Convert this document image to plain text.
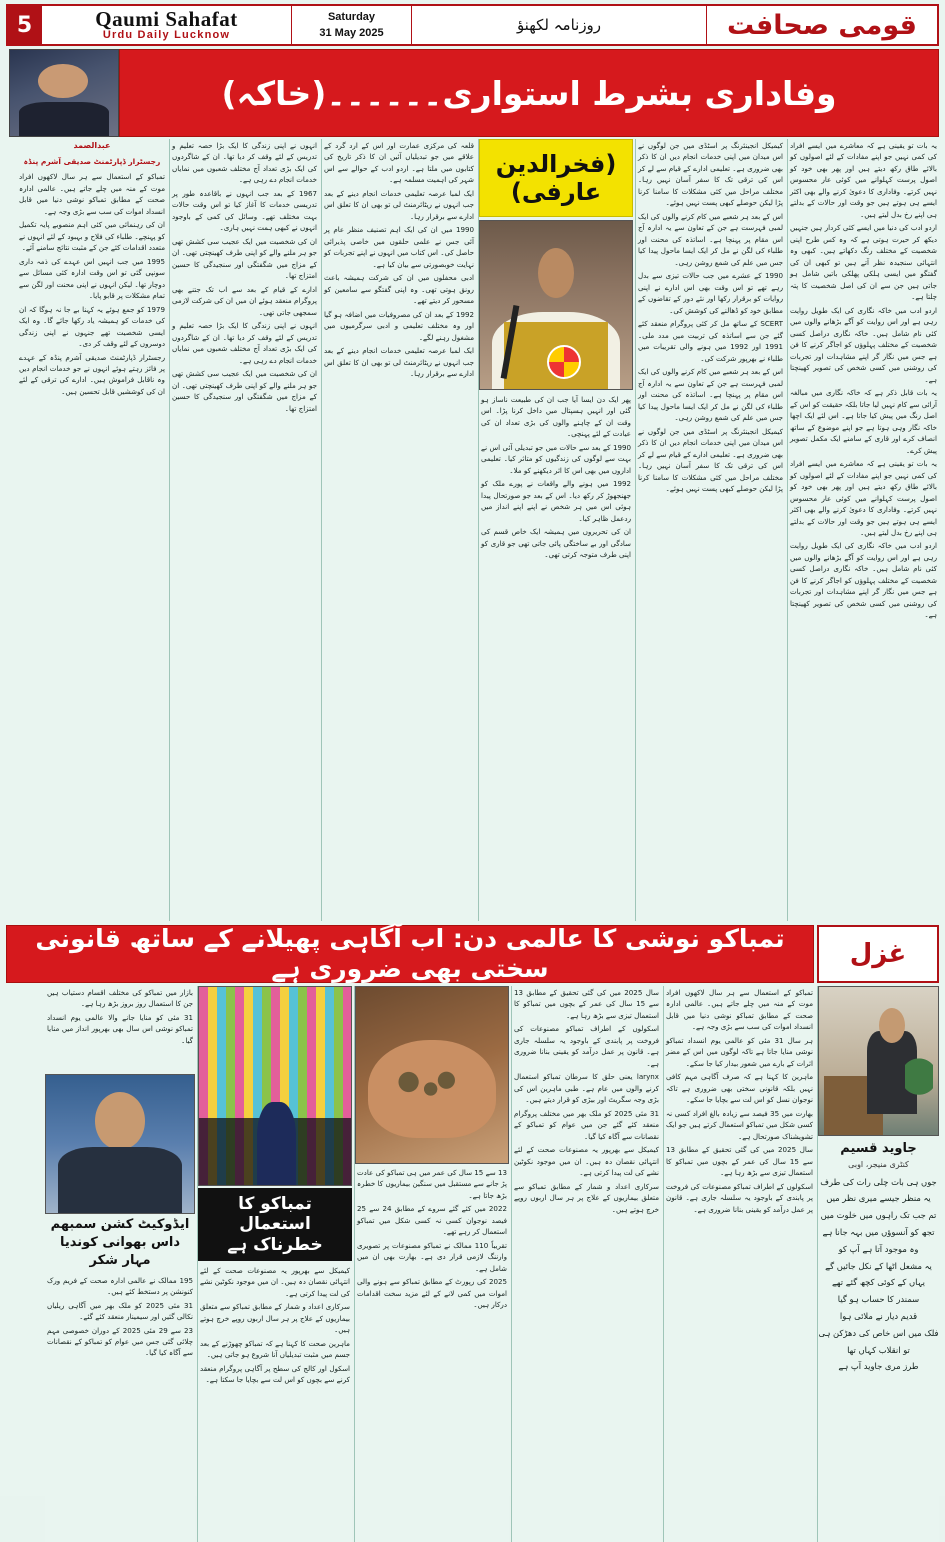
5	Qaumi Sahafat
Urdu Daily Lucknow
Saturday
31 May 2025	روزنامہ لکھنؤ	قومی صحافت
وفاداری بشرط استواری۔۔۔۔۔۔(خاکہ)

یہ بات تو یقینی ہے کہ معاشرے میں ایسے افراد کی کمی نہیں جو اپنے مفادات کے لئے اصولوں کو بالائے طاق رکھ دیتے ہیں اور پھر بھی خود کو اصول پرست کہلوانے میں کوئی عار محسوس نہیں کرتے۔ وفاداری کا دعویٰ کرنے والے بھی اکثر ایسے ہی ہوتے ہیں جو وقت اور حالات کے بدلتے ہی اپنے رخ بدل لیتے ہیں۔

اردو ادب کی دنیا میں ایسے کئی کردار ہیں جنہیں دیکھ کر حیرت ہوتی ہے کہ وہ کس طرح اپنی شخصیت کے مختلف رنگ دکھاتے ہیں۔ کبھی وہ انتہائی سنجیدہ نظر آتے ہیں تو کبھی ان کی گفتگو میں ایسی ہلکی پھلکی باتیں شامل ہو جاتی ہیں جن سے ان کی اصل شخصیت کا پتہ چلتا ہے۔

اردو ادب میں خاکہ نگاری کی ایک طویل روایت رہی ہے اور اس روایت کو آگے بڑھانے والوں میں کئی نام شامل ہیں۔ خاکہ نگاری دراصل کسی شخصیت کے مختلف پہلوؤں کو اجاگر کرنے کا فن ہے جس میں نگار گر اپنے مشاہدات اور تجربات کی روشنی میں کسی شخص کی تصویر کھینچتا ہے۔

یہ بات قابل ذکر ہے کہ خاکہ نگاری میں مبالغہ آرائی سے کام نہیں لیا جاتا بلکہ حقیقت کو اس کے اصل رنگ میں پیش کیا جاتا ہے۔ اس لئے ایک اچھا خاکہ نگار وہی ہوتا ہے جو اپنے موضوع کے ساتھ انصاف کرے اور قاری کے سامنے ایک مکمل تصویر پیش کرے۔

یہ بات تو یقینی ہے کہ معاشرے میں ایسے افراد کی کمی نہیں جو اپنے مفادات کے لئے اصولوں کو بالائے طاق رکھ دیتے ہیں اور پھر بھی خود کو اصول پرست کہلوانے میں کوئی عار محسوس نہیں کرتے۔ وفاداری کا دعویٰ کرنے والے بھی اکثر ایسے ہی ہوتے ہیں جو وقت اور حالات کے بدلتے ہی اپنے رخ بدل لیتے ہیں۔

اردو ادب میں خاکہ نگاری کی ایک طویل روایت رہی ہے اور اس روایت کو آگے بڑھانے والوں میں کئی نام شامل ہیں۔ خاکہ نگاری دراصل کسی شخصیت کے مختلف پہلوؤں کو اجاگر کرنے کا فن ہے جس میں نگار گر اپنے مشاہدات اور تجربات کی روشنی میں کسی شخص کی تصویر کھینچتا ہے۔

کیمیکل انجینئرنگ پر اسٹڈی میں جن لوگوں نے اس میدان میں اپنی خدمات انجام دیں ان کا ذکر بھی ضروری ہے۔ تعلیمی ادارے کے قیام سے لے کر اس کی ترقی تک کا سفر آسان نہیں رہا۔ مختلف مراحل میں کئی مشکلات کا سامنا کرنا پڑا لیکن حوصلے کبھی پست نہیں ہوئے۔

اس کے بعد ہر شعبے میں کام کرنے والوں کی ایک لمبی فہرست ہے جن کے تعاون سے یہ ادارہ آج اس مقام پر پہنچا ہے۔ اساتذہ کی محنت اور طلباء کی لگن نے مل کر ایک ایسا ماحول پیدا کیا جس میں علم کی شمع روشن رہی۔

1990 کے عشرے میں جب حالات تیزی سے بدل رہے تھے تو اس وقت بھی اس ادارے نے اپنی روایات کو برقرار رکھا اور نئے دور کے تقاضوں کے مطابق خود کو ڈھالنے کی کوشش کی۔

SCERT کے ساتھ مل کر کئی پروگرام منعقد کئے گئے جن سے اساتذہ کی تربیت میں مدد ملی۔ 1991 اور 1992 میں ہونے والی تقریبات میں طلباء نے بھرپور شرکت کی۔

اس کے بعد ہر شعبے میں کام کرنے والوں کی ایک لمبی فہرست ہے جن کے تعاون سے یہ ادارہ آج اس مقام پر پہنچا ہے۔ اساتذہ کی محنت اور طلباء کی لگن نے مل کر ایک ایسا ماحول پیدا کیا جس میں علم کی شمع روشن رہی۔

کیمیکل انجینئرنگ پر اسٹڈی میں جن لوگوں نے اس میدان میں اپنی خدمات انجام دیں ان کا ذکر بھی ضروری ہے۔ تعلیمی ادارے کے قیام سے لے کر اس کی ترقی تک کا سفر آسان نہیں رہا۔ مختلف مراحل میں کئی مشکلات کا سامنا کرنا پڑا لیکن حوصلے کبھی پست نہیں ہوئے۔

(فخرالدین عارفی)

پھر ایک دن ایسا آیا جب ان کی طبیعت ناساز ہو گئی اور انہیں ہسپتال میں داخل کرنا پڑا۔ اس وقت ان کے چاہنے والوں کی بڑی تعداد ان کی عیادت کے لئے پہنچی۔

1990 کے بعد سے حالات میں جو تبدیلی آئی اس نے بہت سے لوگوں کی زندگیوں کو متاثر کیا۔ تعلیمی اداروں میں بھی اس کا اثر دیکھنے کو ملا۔

1992 میں ہونے والے واقعات نے پورے ملک کو جھنجھوڑ کر رکھ دیا۔ اس کے بعد جو صورتحال پیدا ہوئی اس میں ہر شخص نے اپنے اپنے انداز میں ردعمل ظاہر کیا۔

ان کی تحریروں میں ہمیشہ ایک خاص قسم کی سادگی اور بے ساختگی پائی جاتی تھی جو قاری کو اپنی طرف متوجہ کرتی تھی۔

قلعہ کی مرکزی عمارت اور اس کے ارد گرد کے علاقے میں جو تبدیلیاں آئیں ان کا ذکر تاریخ کی کتابوں میں ملتا ہے۔ اردو ادب کے حوالے سے اس شہر کی اہمیت مسلمہ ہے۔

ایک لمبا عرصہ تعلیمی خدمات انجام دینے کے بعد جب انہوں نے ریٹائرمنٹ لی تو بھی ان کا تعلق اس ادارے سے برقرار رہا۔

1990 میں ان کی ایک اہم تصنیف منظر عام پر آئی جس نے علمی حلقوں میں خاصی پذیرائی حاصل کی۔ اس کتاب میں انہوں نے اپنے تجربات کو نہایت خوبصورتی سے بیان کیا ہے۔

ادبی محفلوں میں ان کی شرکت ہمیشہ باعث رونق ہوتی تھی۔ وہ اپنی گفتگو سے سامعین کو مسحور کر دیتے تھے۔

1992 کے بعد ان کی مصروفیات میں اضافہ ہو گیا اور وہ مختلف تعلیمی و ادبی سرگرمیوں میں مشغول رہنے لگے۔

ایک لمبا عرصہ تعلیمی خدمات انجام دینے کے بعد جب انہوں نے ریٹائرمنٹ لی تو بھی ان کا تعلق اس ادارے سے برقرار رہا۔

انہوں نے اپنی زندگی کا ایک بڑا حصہ تعلیم و تدریس کے لئے وقف کر دیا تھا۔ ان کے شاگردوں کی ایک بڑی تعداد آج مختلف شعبوں میں نمایاں خدمات انجام دے رہی ہے۔

1967 کے بعد جب انہوں نے باقاعدہ طور پر تدریسی خدمات کا آغاز کیا تو اس وقت حالات بہت مختلف تھے۔ وسائل کی کمی کے باوجود انہوں نے کبھی ہمت نہیں ہاری۔

ان کی شخصیت میں ایک عجیب سی کشش تھی جو ہر ملنے والے کو اپنی طرف کھینچتی تھی۔ ان کے مزاج میں شگفتگی اور سنجیدگی کا حسین امتزاج تھا۔

ادارے کے قیام کے بعد سے اب تک جتنے بھی پروگرام منعقد ہوئے ان میں ان کی شرکت لازمی سمجھی جاتی تھی۔

انہوں نے اپنی زندگی کا ایک بڑا حصہ تعلیم و تدریس کے لئے وقف کر دیا تھا۔ ان کے شاگردوں کی ایک بڑی تعداد آج مختلف شعبوں میں نمایاں خدمات انجام دے رہی ہے۔

ان کی شخصیت میں ایک عجیب سی کشش تھی جو ہر ملنے والے کو اپنی طرف کھینچتی تھی۔ ان کے مزاج میں شگفتگی اور سنجیدگی کا حسین امتزاج تھا۔

عبدالصمد
رجسٹرار ڈپارٹمنٹ صدیقی آشرم پنڈہ

تمباکو کے استعمال سے ہر سال لاکھوں افراد موت کے منہ میں چلے جاتے ہیں۔ عالمی ادارہ صحت کے مطابق تمباکو نوشی دنیا میں قابل انسداد اموات کی سب سے بڑی وجہ ہے۔

ان کی رہنمائی میں کئی اہم منصوبے پایہ تکمیل کو پہنچے۔ طلباء کی فلاح و بہبود کے لئے انہوں نے متعدد اقدامات کئے جن کے مثبت نتائج سامنے آئے۔

1995 میں جب انہیں اس عہدے کی ذمہ داری سونپی گئی تو اس وقت ادارہ کئی مسائل سے دوچار تھا۔ لیکن انہوں نے اپنی محنت اور لگن سے تمام مشکلات پر قابو پایا۔

1979 کو جمع ہوئے یہ کہنا بے جا نہ ہوگا کہ ان کی خدمات کو ہمیشہ یاد رکھا جائے گا۔ وہ ایک ایسی شخصیت تھے جنہوں نے اپنی زندگی دوسروں کے لئے وقف کر دی۔

رجسٹرار ڈپارٹمنٹ صدیقی آشرم پنڈہ کے عہدے پر فائز رہتے ہوئے انہوں نے جو خدمات انجام دیں وہ ناقابل فراموش ہیں۔ ادارے کی ترقی کے لئے ان کی کوششیں قابل تحسین ہیں۔

تمباکو نوشی کا عالمی دن: اب آگاہی پھیلانے کے ساتھ قانونی سختی بھی ضروری ہے	غزل
جاوید قسیم
کنٹری منیجر، اوبی
جوں ہی بات چلی رات کی طرف
یہ منظر جیسے میری نظر میں
تم جب تک راہوں میں خلوت میں
تجھ کو آنسوؤں میں بہہ جانا ہے
وہ موجود آتا ہے آپ کو
یہ مشعل اٹھا کے نکل جائیں گے
یہاں کے کوئی کچھ گئے تھے
سمندر کا حساب ہو گیا
قدیم دیار نے ملائی ہوا
فلک میں اس خاص کی دھڑکن ہی
تو انقلاب کہاں تھا
طرز مری جاوید آپ ہے

تمباکو کے استعمال سے ہر سال لاکھوں افراد موت کے منہ میں چلے جاتے ہیں۔ عالمی ادارہ صحت کے مطابق تمباکو نوشی دنیا میں قابل انسداد اموات کی سب سے بڑی وجہ ہے۔

ہر سال 31 مئی کو عالمی یوم انسداد تمباکو نوشی منایا جاتا ہے تاکہ لوگوں میں اس کے مضر اثرات کے بارے میں شعور بیدار کیا جا سکے۔

ماہرین کا کہنا ہے کہ صرف آگاہی مہم کافی نہیں بلکہ قانونی سختی بھی ضروری ہے تاکہ نوجوان نسل کو اس لت سے بچایا جا سکے۔

بھارت میں 35 فیصد سے زیادہ بالغ افراد کسی نہ کسی شکل میں تمباکو استعمال کرتے ہیں جو ایک تشویشناک صورتحال ہے۔

سال 2025 میں کی گئی تحقیق کے مطابق 13 سے 15 سال کی عمر کے بچوں میں تمباکو کا استعمال تیزی سے بڑھ رہا ہے۔

اسکولوں کے اطراف تمباکو مصنوعات کی فروخت پر پابندی کے باوجود یہ سلسلہ جاری ہے۔ قانون پر عمل درآمد کو یقینی بنانا ضروری ہے۔

سال 2025 میں کی گئی تحقیق کے مطابق 13 سے 15 سال کی عمر کے بچوں میں تمباکو کا استعمال تیزی سے بڑھ رہا ہے۔

اسکولوں کے اطراف تمباکو مصنوعات کی فروخت پر پابندی کے باوجود یہ سلسلہ جاری ہے۔ قانون پر عمل درآمد کو یقینی بنانا ضروری ہے۔

larynx یعنی حلق کا سرطان تمباکو استعمال کرنے والوں میں عام ہے۔ طبی ماہرین اس کی بڑی وجہ سگریٹ اور بیڑی کو قرار دیتے ہیں۔

31 مئی 2025 کو ملک بھر میں مختلف پروگرام منعقد کئے گئے جن میں عوام کو تمباکو کے نقصانات سے آگاہ کیا گیا۔

کیمیکل سے بھرپور یہ مصنوعات صحت کے لئے انتہائی نقصان دہ ہیں۔ ان میں موجود نکوٹین نشے کی لت پیدا کرتی ہے۔

سرکاری اعداد و شمار کے مطابق تمباکو سے متعلق بیماریوں کے علاج پر ہر سال اربوں روپے خرچ ہوتے ہیں۔

13 سے 15 سال کی عمر میں ہی تمباکو کی عادت پڑ جانے سے مستقبل میں سنگین بیماریوں کا خطرہ بڑھ جاتا ہے۔

2022 میں کئے گئے سروے کے مطابق 24 سے 25 فیصد نوجوان کسی نہ کسی شکل میں تمباکو استعمال کر رہے تھے۔

تقریباً 110 ممالک نے تمباکو مصنوعات پر تصویری وارننگ لازمی قرار دی ہے۔ بھارت بھی ان میں شامل ہے۔

2025 کی رپورٹ کے مطابق تمباکو سے ہونے والی اموات میں کمی لانے کے لئے مزید سخت اقدامات درکار ہیں۔

تمباکو کا استعمال خطرناک ہے

کیمیکل سے بھرپور یہ مصنوعات صحت کے لئے انتہائی نقصان دہ ہیں۔ ان میں موجود نکوٹین نشے کی لت پیدا کرتی ہے۔

سرکاری اعداد و شمار کے مطابق تمباکو سے متعلق بیماریوں کے علاج پر ہر سال اربوں روپے خرچ ہوتے ہیں۔

ماہرین صحت کا کہنا ہے کہ تمباکو چھوڑنے کے بعد جسم میں مثبت تبدیلیاں آنا شروع ہو جاتی ہیں۔

اسکول اور کالج کی سطح پر آگاہی پروگرام منعقد کرنے سے بچوں کو اس لت سے بچایا جا سکتا ہے۔

بازار میں تمباکو کی مختلف اقسام دستیاب ہیں جن کا استعمال روز بروز بڑھ رہا ہے۔

31 مئی کو منایا جانے والا عالمی یوم انسداد تمباکو نوشی اس سال بھی بھرپور انداز میں منایا گیا۔

ایڈوکیٹ کشن سمبھم داس بھوانی کوندیا مہار شکر

195 ممالک نے عالمی ادارہ صحت کے فریم ورک کنونشن پر دستخط کئے ہیں۔

31 مئی 2025 کو ملک بھر میں آگاہی ریلیاں نکالی گئیں اور سیمینار منعقد کئے گئے۔

23 سے 29 مئی 2025 کے دوران خصوصی مہم چلائی گئی جس میں عوام کو تمباکو کے نقصانات سے آگاہ کیا گیا۔
